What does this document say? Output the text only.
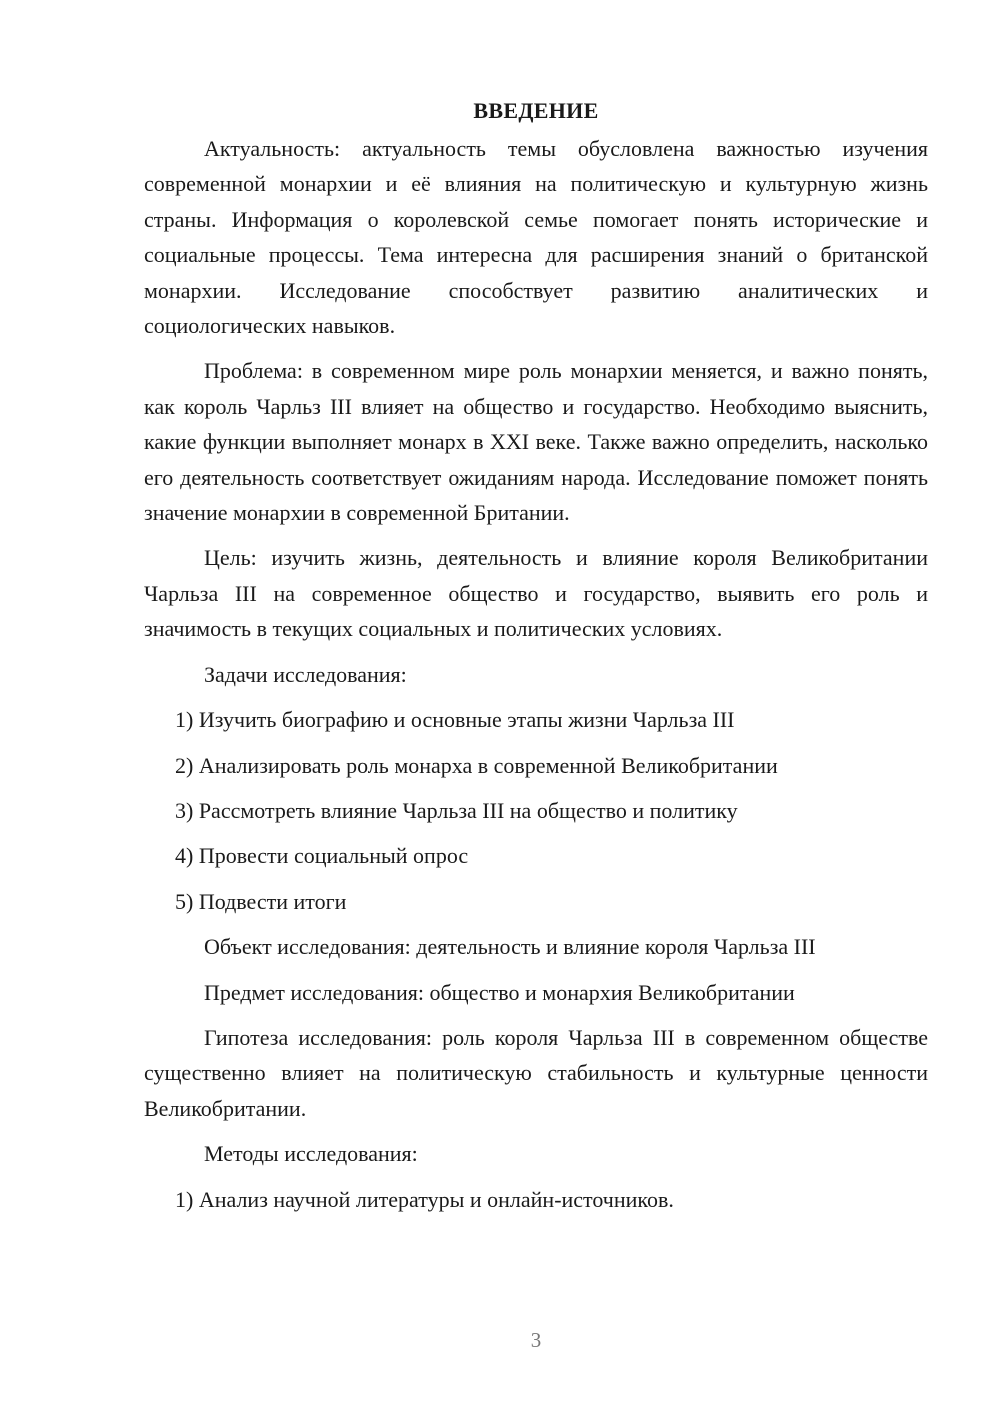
ВВЕДЕНИЕ

Актуальность: актуальность темы обусловлена важностью изучения современной монархии и её влияния на политическую и культурную жизнь страны. Информация о королевской семье помогает понять исторические и социальные процессы. Тема интересна для расширения знаний о британской монархии. Исследование способствует развитию аналитических и социологических навыков.

Проблема: в современном мире роль монархии меняется, и важно понять, как король Чарльз III влияет на общество и государство. Необходимо выяснить, какие функции выполняет монарх в XXI веке. Также важно определить, насколько его деятельность соответствует ожиданиям народа. Исследование поможет понять значение монархии в современной Британии.

Цель: изучить жизнь, деятельность и влияние короля Великобритании Чарльза III на современное общество и государство, выявить его роль и значимость в текущих социальных и политических условиях.

Задачи исследования:
1) Изучить биографию и основные этапы жизни Чарльза III
2) Анализировать роль монарха в современной Великобритании
3) Рассмотреть влияние Чарльза III на общество и политику
4) Провести социальный опрос
5) Подвести итоги
Объект исследования: деятельность и влияние короля Чарльза III
Предмет исследования: общество и монархия Великобритании

Гипотеза исследования: роль короля Чарльза III в современном обществе существенно влияет на политическую стабильность и культурные ценности Великобритании.

Методы исследования:
1) Анализ научной литературы и онлайн-источников.
3
